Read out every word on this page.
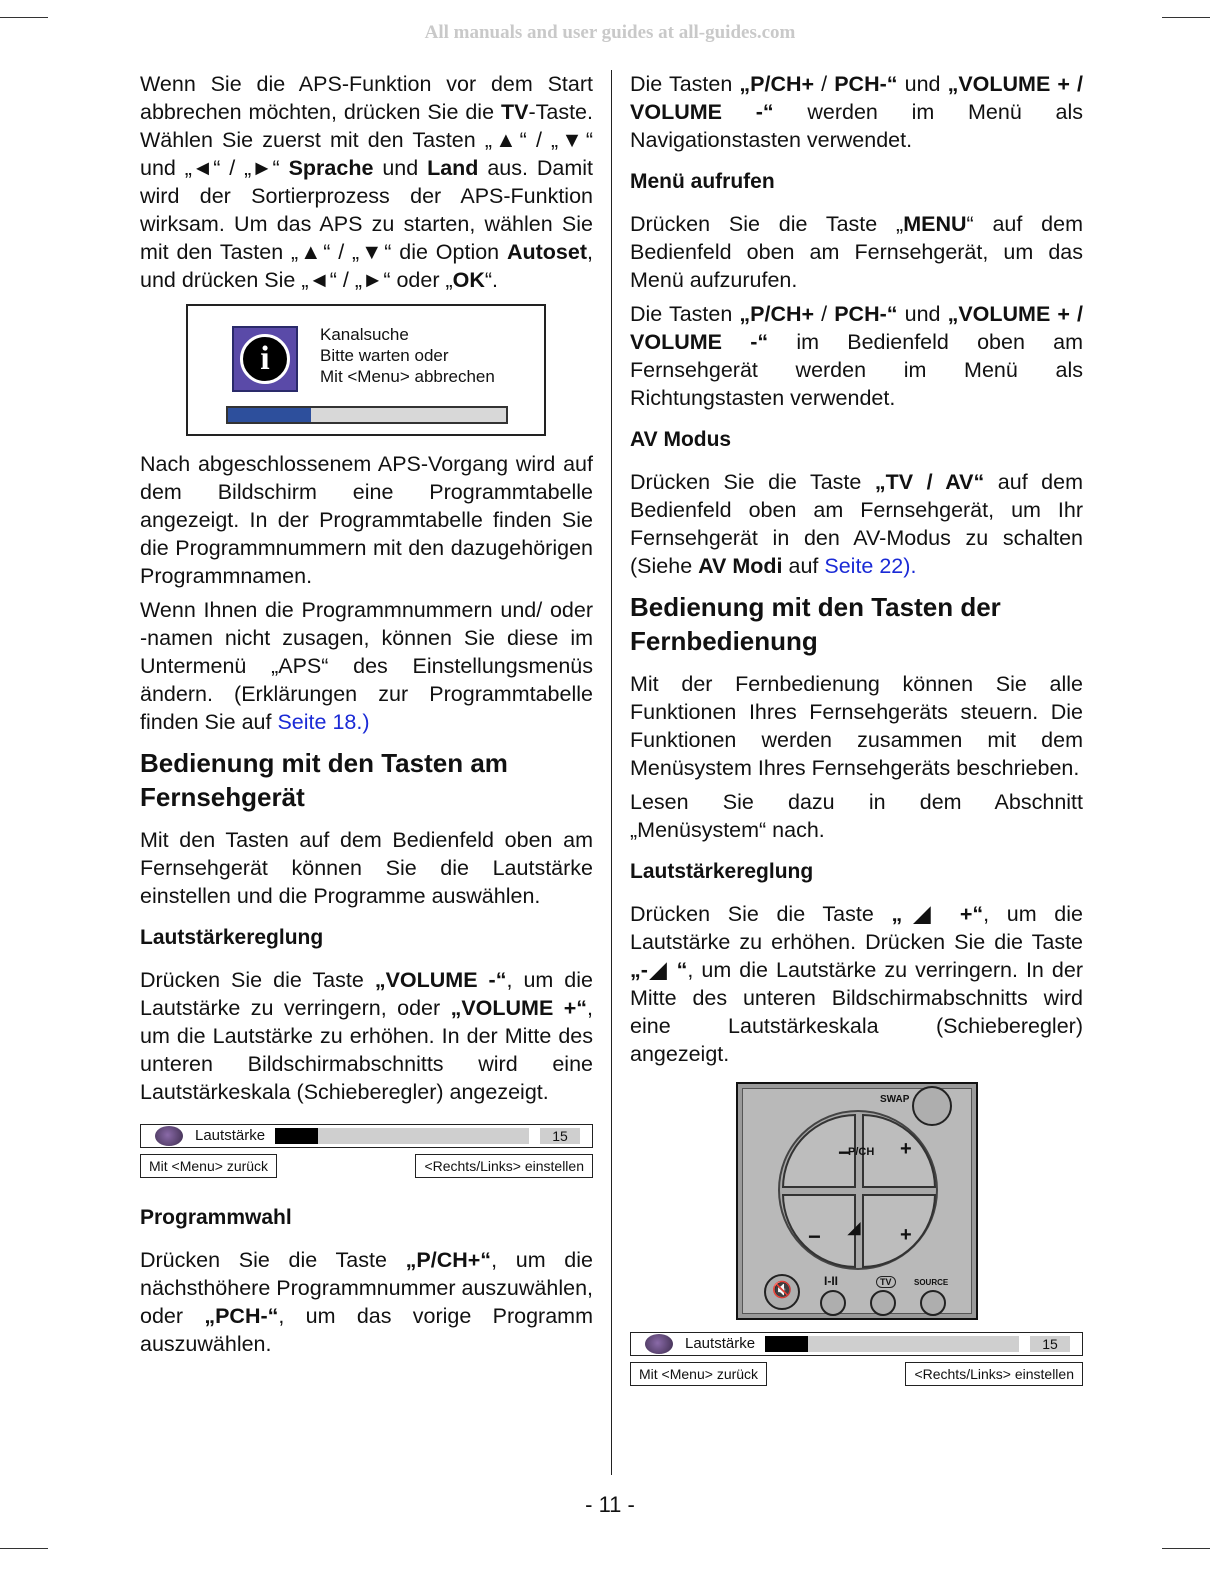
All manuals and user guides at all-guides.com

Wenn Sie die APS-Funktion vor dem Start abbrechen möchten, drücken Sie die TV-Taste. Wählen Sie zuerst mit den Tasten „▲“ / „▼“ und „◄“ / „►“ Sprache und Land aus. Damit wird der Sortierprozess der APS-Funktion wirksam. Um das APS zu starten, wählen Sie mit den Tasten „▲“ / „▼“ die Option Autoset, und drücken Sie „◄“ / „►“ oder „OK“.

i
Kanalsuche
Bitte warten oder
Mit <Menu> abbrechen

Nach abgeschlossenem APS-Vorgang wird auf dem Bildschirm eine Programmtabelle angezeigt. In der Programmtabelle finden Sie die Programmnummern mit den dazugehörigen Programmnamen.

Wenn Ihnen die Programmnummern und/ oder -namen nicht zusagen, können Sie diese im Untermenü „APS“ des Einstellungsmenüs ändern. (Erklärungen zur Programmtabelle finden Sie auf Seite 18.)

Bedienung mit den Tasten am Fernsehgerät

Mit den Tasten auf dem Bedienfeld oben am Fernsehgerät können Sie die Lautstärke einstellen und die Programme auswählen.

Lautstärkereglung

Drücken Sie die Taste „VOLUME -“, um die Lautstärke zu verringern, oder „VOLUME +“, um die Lautstärke zu erhöhen. In der Mitte des unteren Bildschirmabschnitts wird eine Lautstärkeskala (Schieberegler) angezeigt.

Lautstärke	15
Mit <Menu> zurück	<Rechts/Links> einstellen
Programmwahl

Drücken Sie die Taste „P/CH+“, um die nächsthöhere Programmnummer auszuwählen, oder „PCH-“, um das vorige Programm auszuwählen.

Die Tasten „P/CH+ / PCH-“ und „VOLUME + / VOLUME -“ werden im Menü als Navigationstasten verwendet.

Menü aufrufen

Drücken Sie die Taste „MENU“ auf dem Bedienfeld oben am Fernsehgerät, um das Menü aufzurufen.

Die Tasten „P/CH+ / PCH-“ und „VOLUME + / VOLUME -“ im Bedienfeld oben am Fernsehgerät werden im Menü als Richtungstasten verwendet.

AV Modus

Drücken Sie die Taste „TV / AV“ auf dem Bedienfeld oben am Fernsehgerät, um Ihr Fernsehgerät in den AV-Modus zu schalten (Siehe AV Modi auf Seite 22).

Bedienung mit den Tasten der Fernbedienung

Mit der Fernbedienung können Sie alle Funktionen Ihres Fernsehgeräts steuern. Die Funktionen werden zusammen mit dem Menüsystem Ihres Fernsehgeräts beschrieben.

Lesen Sie dazu in dem Abschnitt „Menüsystem“ nach.

Lautstärkereglung

Drücken Sie die Taste „◢ +“, um die Lautstärke zu erhöhen. Drücken Sie die Taste „-◢ “, um die Lautstärke zu verringern. In der Mitte des unteren Bildschirmabschnitts wird eine Lautstärkeskala (Schieberegler) angezeigt.

SWAP
−
P/CH +
− ◢ +
🔇
I-II	TV	SOURCE
Lautstärke	15
Mit <Menu> zurück	<Rechts/Links> einstellen
- 11 -
